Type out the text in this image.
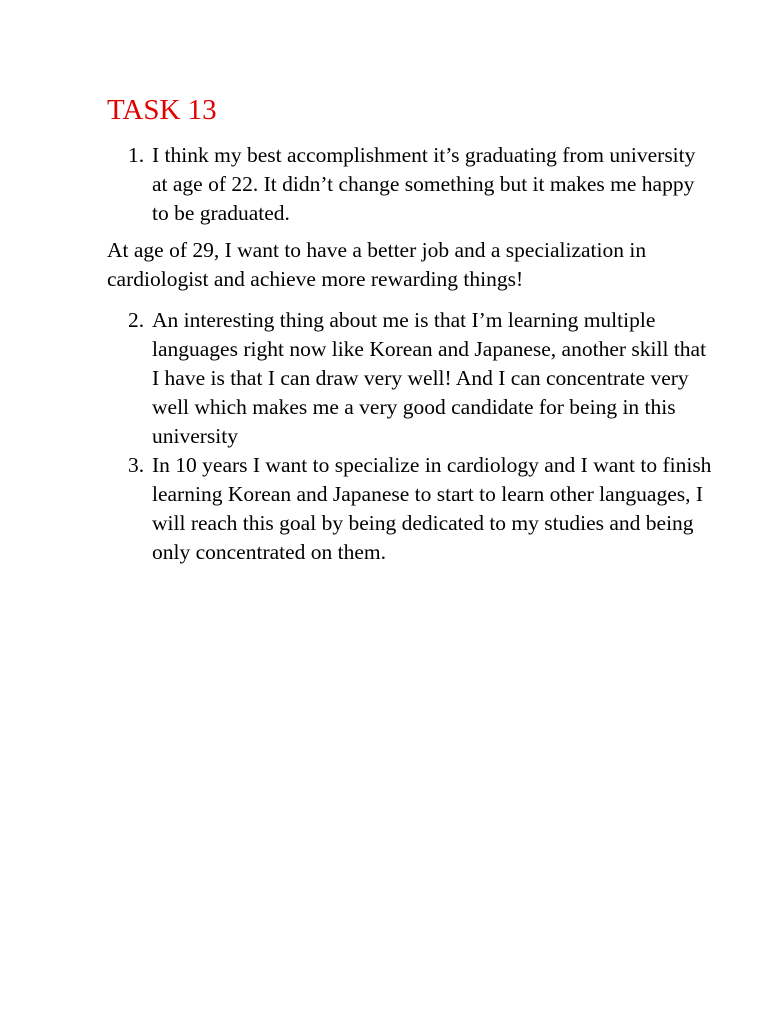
TASK 13
1. I think my best accomplishment it’s graduating from university at age of 22. It didn’t change something but it makes me happy to be graduated.

At age of 29, I want to have a better job and a specialization in cardiologist and achieve more rewarding things!

2. An interesting thing about me is that I’m learning multiple languages right now like Korean and Japanese, another skill that I have is that I can draw very well! And I can concentrate very well which makes me a very good candidate for being in this university
3. In 10 years I want to specialize in cardiology and I want to finish learning Korean and Japanese to start to learn other languages, I will reach this goal by being dedicated to my studies and being only concentrated on them.
